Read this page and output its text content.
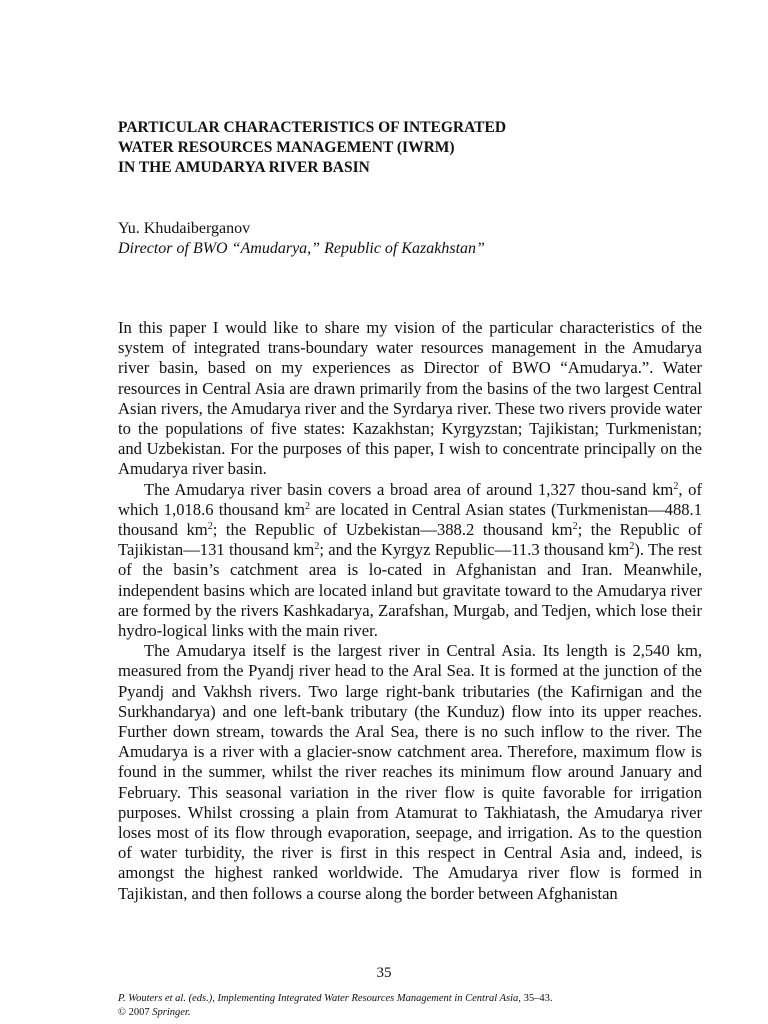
PARTICULAR CHARACTERISTICS OF INTEGRATED
WATER RESOURCES MANAGEMENT (IWRM)
IN THE AMUDARYA RIVER BASIN
Yu. Khudaiberganov
Director of BWO “Amudarya,” Republic of Kazakhstan”

In this paper I would like to share my vision of the particular characteristics of the system of integrated trans-boundary water resources management in the Amudarya river basin, based on my experiences as Director of BWO “Amudarya.”. Water resources in Central Asia are drawn primarily from the basins of the two largest Central Asian rivers, the Amudarya river and the Syrdarya river. These two rivers provide water to the populations of five states: Kazakhstan; Kyrgyzstan; Tajikistan; Turkmenistan; and Uzbekistan. For the purposes of this paper, I wish to concentrate principally on the Amudarya river basin.

The Amudarya river basin covers a broad area of around 1,327 thou-sand $km^2$, of which 1,018.6 thousand $km^2$ are located in Central Asian states (Turkmenistan—488.1 thousand $km^2$; the Republic of Uzbekistan—388.2 thousand $km^2$; the Republic of Tajikistan—131 thousand $km^2$; and the Kyrgyz Republic—11.3 thousand $km^2$). The rest of the basin’s catchment area is lo-cated in Afghanistan and Iran. Meanwhile, independent basins which are located inland but gravitate toward to the Amudarya river are formed by the rivers Kashkadarya, Zarafshan, Murgab, and Tedjen, which lose their hydro-logical links with the main river.

The Amudarya itself is the largest river in Central Asia. Its length is 2,540 km, measured from the Pyandj river head to the Aral Sea. It is formed at the junction of the Pyandj and Vakhsh rivers. Two large right-bank tributaries (the Kafirnigan and the Surkhandarya) and one left-bank tributary (the Kunduz) flow into its upper reaches. Further down stream, towards the Aral Sea, there is no such inflow to the river. The Amudarya is a river with a glacier-snow catchment area. Therefore, maximum flow is found in the summer, whilst the river reaches its minimum flow around January and February. This seasonal variation in the river flow is quite favorable for irrigation purposes. Whilst crossing a plain from Atamurat to Takhiatash, the Amudarya river loses most of its flow through evaporation, seepage, and irrigation. As to the question of water turbidity, the river is first in this respect in Central Asia and, indeed, is amongst the highest ranked worldwide. The Amudarya river flow is formed in Tajikistan, and then follows a course along the border between Afghanistan

35
P. Wouters et al. (eds.), Implementing Integrated Water Resources Management in Central Asia, 35–43.
© 2007 Springer.
